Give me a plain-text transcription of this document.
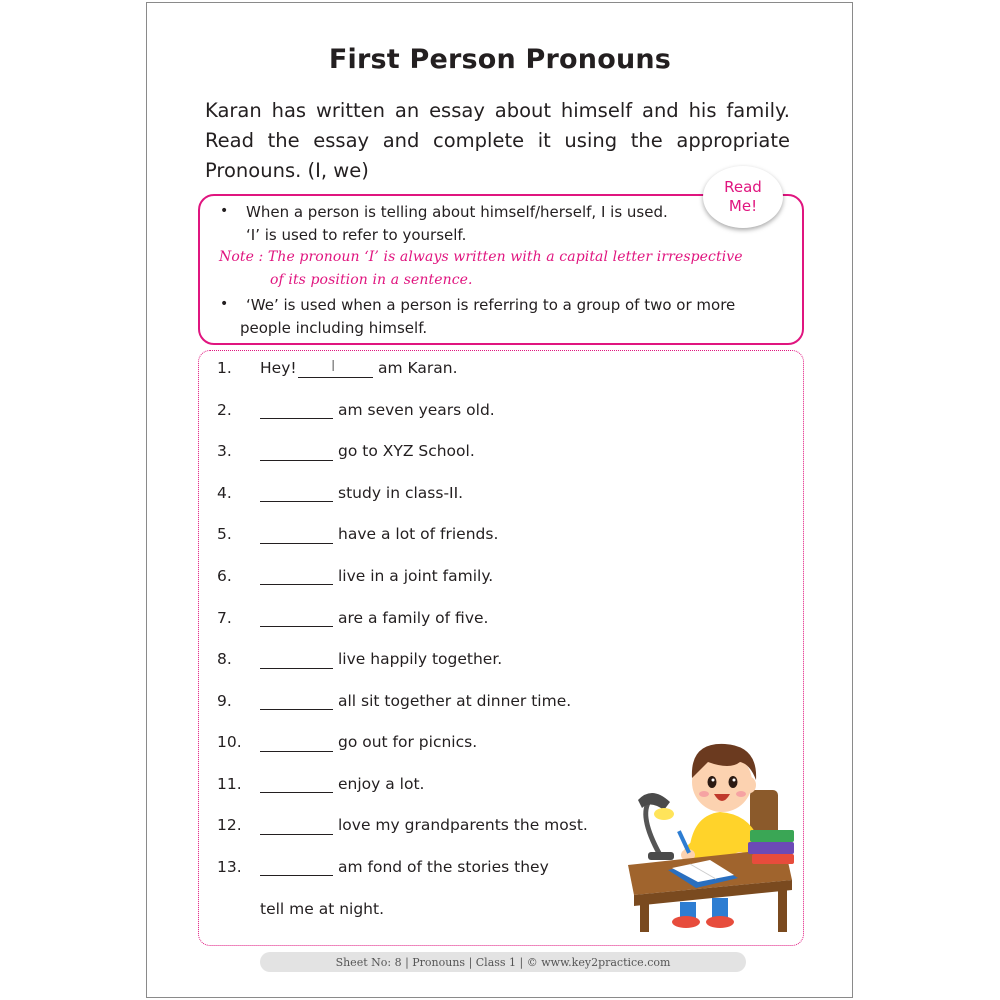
First Person Pronouns

Karan has written an essay about himself and his family. Read the essay and complete it using the appropriate Pronouns. (I, we)

Read
Me!
• When a person is telling about himself/herself, I is used.
‘I’ is used to refer to yourself.
Note : The pronoun ‘I’ is always written with a capital letter irrespective
of its position in a sentence.
• ‘We’ is used when a person is referring to a group of two or more
people including himself.
1. Hey! I	am Karan.
2.	am seven years old.
3.	go to XYZ School.
4.	study in class-II.
5.	have a lot of friends.
6.	live in a joint family.
7.	are a family of five.
8.	live happily together.
9.	all sit together at dinner time.
10.	go out for picnics.
11.	enjoy a lot.
12.	love my grandparents the most.
13.	am fond of the stories they
tell me at night.
Sheet No: 8 | Pronouns | Class 1 | © www.key2practice.com
